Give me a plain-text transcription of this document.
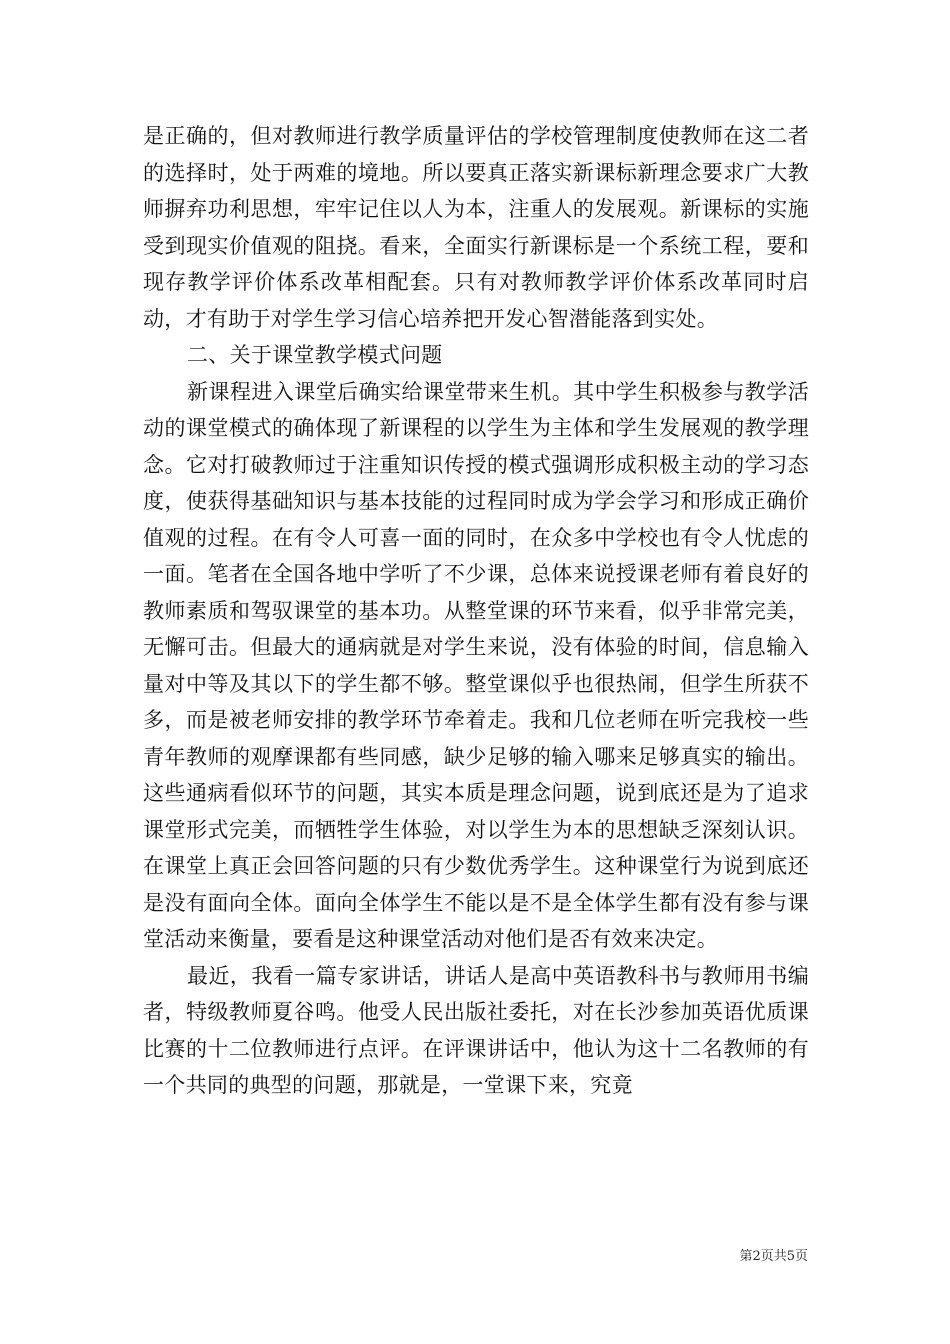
是正确的，但对教师进行教学质量评估的学校管理制度使教师在这二者的选择时，处于两难的境地。所以要真正落实新课标新理念要求广大教师摒弃功利思想，牢牢记住以人为本，注重人的发展观。新课标的实施受到现实价值观的阻挠。看来，全面实行新课标是一个系统工程，要和现存教学评价体系改革相配套。只有对教师教学评价体系改革同时启动，才有助于对学生学习信心培养把开发心智潜能落到实处。

二、关于课堂教学模式问题

新课程进入课堂后确实给课堂带来生机。其中学生积极参与教学活动的课堂模式的确体现了新课程的以学生为主体和学生发展观的教学理念。它对打破教师过于注重知识传授的模式强调形成积极主动的学习态度，使获得基础知识与基本技能的过程同时成为学会学习和形成正确价值观的过程。在有令人可喜一面的同时，在众多中学校也有令人忧虑的一面。笔者在全国各地中学听了不少课，总体来说授课老师有着良好的教师素质和驾驭课堂的基本功。从整堂课的环节来看，似乎非常完美，无懈可击。但最大的通病就是对学生来说，没有体验的时间，信息输入量对中等及其以下的学生都不够。整堂课似乎也很热闹，但学生所获不多，而是被老师安排的教学环节牵着走。我和几位老师在听完我校一些青年教师的观摩课都有些同感，缺少足够的输入哪来足够真实的输出。这些通病看似环节的问题，其实本质是理念问题，说到底还是为了追求课堂形式完美，而牺牲学生体验，对以学生为本的思想缺乏深刻认识。在课堂上真正会回答问题的只有少数优秀学生。这种课堂行为说到底还是没有面向全体。面向全体学生不能以是不是全体学生都有没有参与课堂活动来衡量，要看是这种课堂活动对他们是否有效来决定。

最近，我看一篇专家讲话，讲话人是高中英语教科书与教师用书编者，特级教师夏谷鸣。他受人民出版社委托，对在长沙参加英语优质课比赛的十二位教师进行点评。在评课讲话中，他认为这十二名教师的有一个共同的典型的问题，那就是，一堂课下来，究竟

第2页共5页
